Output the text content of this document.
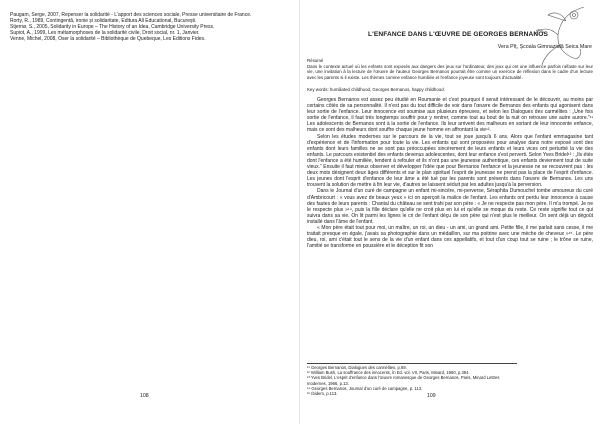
Paugam, Serge, 2007, Repenser la solidarité - L'apport des sciences sociale, Presse universitaire de France.

Rorty, R., 1989, Contingentă, ironie și solidaritate, Editura All Educational, București.

Stjernø, S., 2005, Solidarity in Europe – The History of an Idea, Cambridge University Press.

Supiot, A., 1999, Les métamorphoses de la solidarité civile, Droit social, nr. 1, Janvier.

Venne, Michel, 2008, Oser la solidarité – Bibliothèque de Quebeque, Les Editions Fides.

108
L'ENFANCE DANS L'ŒUVRE DE GEORGES BERNANOS
Vera Pîț, Școala Gimnazială Seica Mare
Résumé
Dans le contexte actuel où les enfants sont exposés aux dangers des jeux sur l'ordinateur, des jeux qui ont une influence parfois néfaste sur leur vie, une invitation à la lecture de l'œuvre de l'auteur Georges Bernanos pourrait être comme un exercice de réflexion dans le cadre d'un lecture avec les parents si il existe. Les thèmes comme enfance humiliée et l'enfance joyeuse sont toujours d'actualité.
Key words: humiliated childhood, Georges Bernanos, happy childhood.

Georges Bernanos est assez peu étudié en Roumanie et c'est pourquoi il serait intéressant de le découvrir, au moins par certains côtés de sa personnalité. Il n'est pas du tout difficile de voir dans l'œuvre de Bernanos des enfants qui agonisent dans leur sortie de l'enfance. Leur innocence est soumise aux plusieurs épreuves, et selon les Dialogues des carmélites : „Une fois sortie de l'enfance, il faut très longtemps souffrir pour y rentrer, comme tout au bout de la nuit on retrouve une autre aurore.”¹¹ Les adolescents de Bernanos sont à la sortie de l'enfance. Ils leur arrivent des malheurs en sortant de leur innocente enfance, mais ce sont des malheurs dont souffre chaque jeune homme en affrontant la vie¹².

Selon les études modernes sur le parcours de la vie, tout se joue jusqu'à 6 ans. Alors que l'enfant emmagasine tant d'expérience et de l'information pour toute la vie. Les enfants qui sont proposées pour analyse dans notre exposé sont des enfants dont leurs familles ne se sont pas préoccupées sincèrement de leurs enfants et leurs vices ont perturbé la vie des enfants. Le parcours existentiel des enfants devenus adolescentes, dont leur enfance s'est perverti. Selon Yves Bridel¹³ : „Ils étés dont l'enfance a été humiliée, tendent à refouler et ils n'ont pas une jeunesse authentique, ces enfants deviennent tout de suite vieux.” Ensuite il faut mieux observer et développer l'idée que pour Bernanos l'enfance et la jeunesse ne se recouvrent pas : les deux mots désignent deux âges différents et sur le plan spirituel l'esprit de jeunesse ne prend pas la place de l'esprit d'enfance. Les jeunes dont l'esprit d'enfance de leur âme a été tué par les parents sont présents dans l'œuvre de Bernanos. Les uns trouvent la solution de mettre à fin leur vie, d'autres se laissent séduit par les adultes jusqu'à la perversion.

Dans le Journal d'un curé de campagne un enfant mi-sincère, mi-perverse, Séraphita Dumouchel tombe amoureux du curé d'Ambricourt : « vous avez de beaux yeux » ici on aperçoit la malice de l'enfant. Les enfants ont perdu leur innocence à cause des fautes de leurs parents : Chantal du château se sent trahi par son père : « Je ne respecte pas mon père. Il m'a trompé. Je ne le respecte plus »¹⁴, puis la fille déclare qu'elle ne croit plus en lui et qu'elle se moque du reste. Ce reste signifie tout ce qui suivra dans sa vie. On lit parmi les lignes le cri de l'enfant déçu de son père qui n'est plus le meilleur. On sent déjà un dégoût installé dans l'âme de l'enfant.

« Mon père était tout pour moi, un maître, un roi, un dieu - un ami, un grand ami. Petite fille, il me parlait sans cesse, il me traitait presque en égale, j'avais sa photographie dans un médaillon, sur ma poitrine avec une mèche de cheveux »¹⁵. Le père dieu, roi, ami c'était tout le sens de la vie d'un enfant dans ces appellatifs, et tout d'un coup tout se ruine ; le trône se ruine, l'amitié se transforme en poussière et le déception fit son

¹¹ Georges Bernanos, Dialogues des carmélites, p.89.

¹² William Bush, La souffrance des innocents, în Ed. vol. VII, Paris, Minard, 1960, p.394.

¹³ Yves Bridel, L'esprit d'enfance dans l'œuvre romanesque de Georges Bernanos, Paris, Minard Lettres modernes, 1966, p.13.

¹⁴ Georges Bernanos, Journal d'un curé de campagne, p. 113.

¹⁵ Ibidem, p.113.	109
